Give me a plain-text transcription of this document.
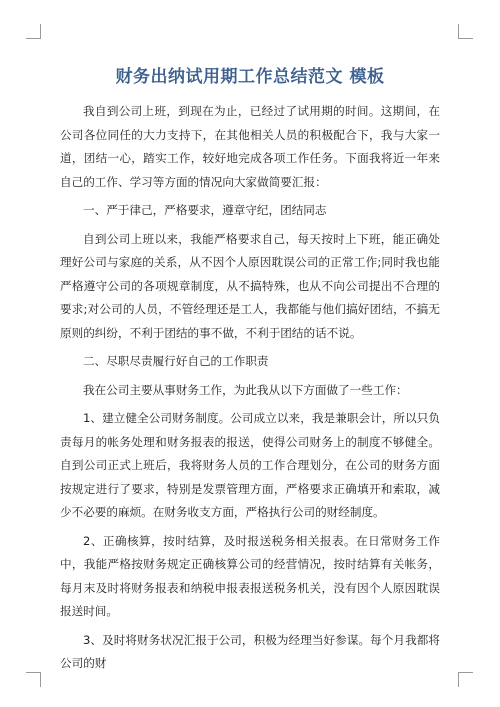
财务出纳试用期工作总结范文 模板

我自到公司上班，到现在为止，已经过了试用期的时间。这期间，在公司各位同任的大力支持下，在其他相关人员的积极配合下，我与大家一道，团结一心，踏实工作，较好地完成各项工作任务。下面我将近一年来自己的工作、学习等方面的情况向大家做简要汇报：

一、严于律己，严格要求，遵章守纪，团结同志

自到公司上班以来，我能严格要求自己，每天按时上下班，能正确处理好公司与家庭的关系，从不因个人原因耽误公司的正常工作;同时我也能严格遵守公司的各项规章制度，从不搞特殊，也从不向公司提出不合理的要求;对公司的人员，不管经理还是工人，我都能与他们搞好团结，不搞无原则的纠纷，不利于团结的事不做，不利于团结的话不说。

二、尽职尽责履行好自己的工作职责

我在公司主要从事财务工作，为此我从以下方面做了一些工作：

1、建立健全公司财务制度。公司成立以来，我是兼职会计，所以只负责每月的帐务处理和财务报表的报送，使得公司财务上的制度不够健全。自到公司正式上班后，我将财务人员的工作合理划分，在公司的财务方面按规定进行了要求，特别是发票管理方面，严格要求正确填开和索取，减少不必要的麻烦。在财务收支方面，严格执行公司的财经制度。

2、正确核算，按时结算，及时报送税务相关报表。在日常财务工作中，我能严格按财务规定正确核算公司的经营情况，按时结算有关帐务，每月末及时将财务报表和纳税申报表报送税务机关，没有因个人原因耽误报送时间。

3、及时将财务状况汇报于公司，积极为经理当好参谋。每个月我都将公司的财
